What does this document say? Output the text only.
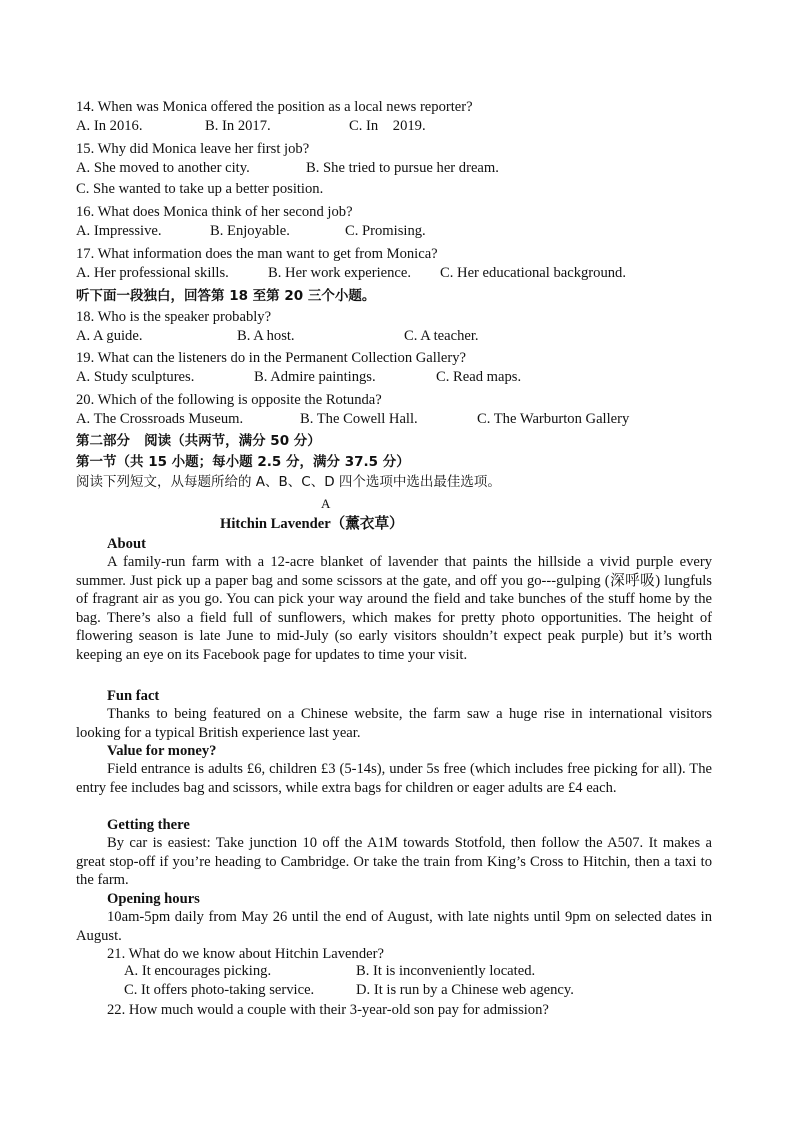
14. When was Monica offered the position as a local news reporter?
A. In 2016.	B. In 2017.	C. In    2019.
15. Why did Monica leave her first job?
A. She moved to another city.	B. She tried to pursue her dream.
C. She wanted to take up a better position.
16. What does Monica think of her second job?
A. Impressive.	B. Enjoyable.	C. Promising.
17. What information does the man want to get from Monica?
A. Her professional skills.	B. Her work experience. C. Her educational background.
听下面一段独白，回答第 18 至第 20 三个小题。
18. Who is the speaker probably?
A. A guide.	B. A host.	C. A teacher.
19. What can the listeners do in the Permanent Collection Gallery?
A. Study sculptures.	B. Admire paintings.	C. Read maps.
20. Which of the following is opposite the Rotunda?
A. The Crossroads Museum.	B. The Cowell Hall.	C. The Warburton Gallery
第二部分   阅读（共两节，满分 50 分）
第一节（共 15 小题；每小题 2.5 分，满分 37.5 分）
阅读下列短文，从每题所给的 A、B、C、D 四个选项中选出最佳选项。
A
Hitchin Lavender（薰衣草）
About
A family-run farm with a 12-acre blanket of lavender that paints the hillside a vivid purple every summer. Just pick up a paper bag and some scissors at the gate, and off you go---gulping (深呼吸) lungfuls of fragrant air as you go. You can pick your way around the field and take bunches of the stuff home by the bag. There’s also a field full of sunflowers, which makes for pretty photo opportunities. The height of flowering season is late June to mid-July (so early visitors shouldn’t expect peak purple) but it’s worth keeping an eye on its Facebook page for updates to time your visit.
Fun fact
Thanks to being featured on a Chinese website, the farm saw a huge rise in international visitors looking for a typical British experience last year.
Value for money?
Field entrance is adults £6, children £3 (5-14s), under 5s free (which includes free picking for all). The entry fee includes bag and scissors, while extra bags for children or eager adults are £4 each.
Getting there
By car is easiest: Take junction 10 off the A1M towards Stotfold, then follow the A507. It makes a great stop-off if you’re heading to Cambridge. Or take the train from King’s Cross to Hitchin, then a taxi to the farm.
Opening hours
10am-5pm daily from May 26 until the end of August, with late nights until 9pm on selected dates in August.
21. What do we know about Hitchin Lavender?
A. It encourages picking.	B. It is inconveniently located.
C. It offers photo-taking service.	D. It is run by a Chinese web agency.
22. How much would a couple with their 3-year-old son pay for admission?
